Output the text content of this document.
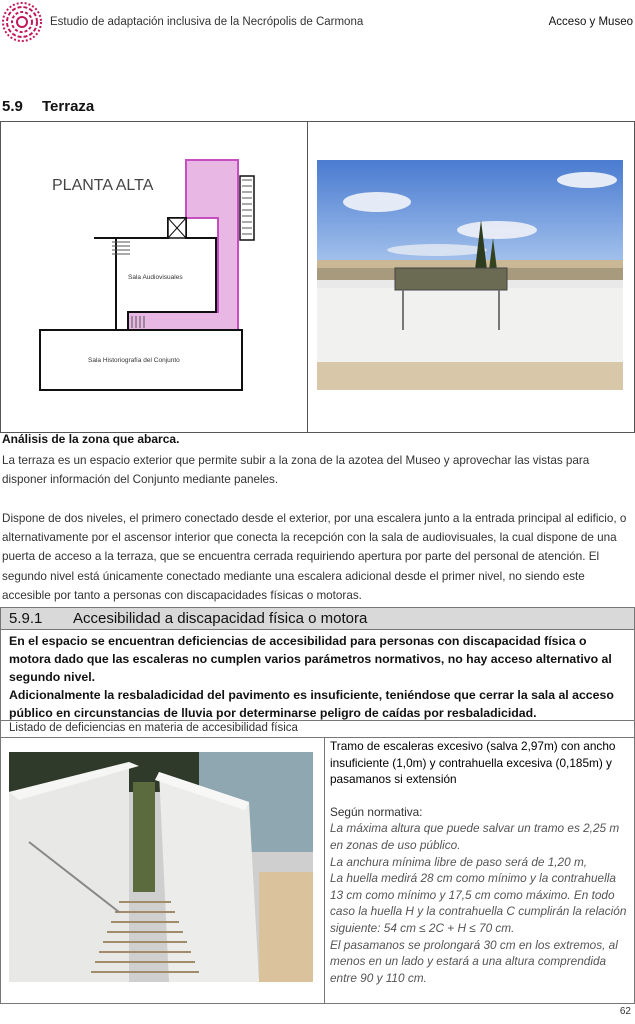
Estudio de adaptación inclusiva de la Necrópolis de Carmona	Acceso y Museo
5.9 Terraza
PLANTA ALTA
Sala Audiovisuales
Sala Historiografía del Conjunto
Análisis de la zona que abarca.
La terraza es un espacio exterior que permite subir a la zona de la azotea del Museo y aprovechar las vistas para disponer información del Conjunto mediante paneles.
Dispone de dos niveles, el primero conectado desde el exterior, por una escalera junto a la entrada principal al edificio, o alternativamente por el ascensor interior que conecta la recepción con la sala de audiovisuales, la cual dispone de una puerta de acceso a la terraza, que se encuentra cerrada requiriendo apertura por parte del personal de atención. El segundo nivel está únicamente conectado mediante una escalera adicional desde el primer nivel, no siendo este accesible por tanto a personas con discapacidades físicas o motoras.
5.9.1 Accesibilidad a discapacidad física o motora
En el espacio se encuentran deficiencias de accesibilidad para personas con discapacidad física o motora dado que las escaleras no cumplen varios parámetros normativos, no hay acceso alternativo al segundo nivel.
Adicionalmente la resbaladicidad del pavimento es insuficiente, teniéndose que cerrar la sala al acceso público en circunstancias de lluvia por determinarse peligro de caídas por resbaladicidad.
Listado de deficiencias en materia de accesibilidad física
Tramo de escaleras excesivo (salva 2,97m) con ancho insuficiente (1,0m) y contrahuella excesiva (0,185m) y pasamanos si extensión
Según normativa:
La máxima altura que puede salvar un tramo es 2,25 m en zonas de uso público.
La anchura mínima libre de paso será de 1,20 m,
La huella medirá 28 cm como mínimo y la contrahuella 13 cm como mínimo y 17,5 cm como máximo. En todo caso la huella H y la contrahuella C cumplirán la relación siguiente: 54 cm ≤ 2C + H ≤ 70 cm.
El pasamanos se prolongará 30 cm en los extremos, al menos en un lado y estará a una altura comprendida entre 90 y 110 cm.
62
